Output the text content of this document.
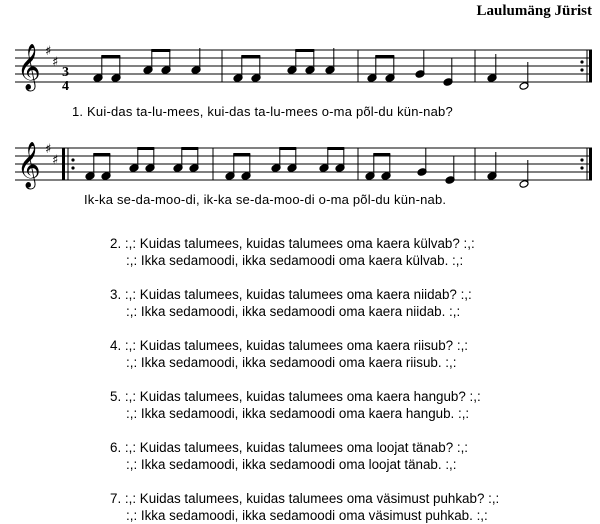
Laulumäng Jürist
𝄞 ♯
♯
𝄞 ♯
♯
3
4
1. Kui-das ta-lu-mees, kui-das ta-lu-mees o-ma põl-du kün-nab?
Ik-ka se-da-moo-di, ik-ka se-da-moo-di o-ma põl-du kün-nab.
2. :,: Kuidas talumees, kuidas talumees oma kaera külvab? :,:
:,: Ikka sedamoodi, ikka sedamoodi oma kaera külvab. :,:
3. :,: Kuidas talumees, kuidas talumees oma kaera niidab? :,:
:,: Ikka sedamoodi, ikka sedamoodi oma kaera niidab. :,:
4. :,: Kuidas talumees, kuidas talumees oma kaera riisub? :,:
:,: Ikka sedamoodi, ikka sedamoodi oma kaera riisub. :,:
5. :,: Kuidas talumees, kuidas talumees oma kaera hangub? :,:
:,: Ikka sedamoodi, ikka sedamoodi oma kaera hangub. :,:
6. :,: Kuidas talumees, kuidas talumees oma loojat tänab? :,:
:,: Ikka sedamoodi, ikka sedamoodi oma loojat tänab. :,:
7. :,: Kuidas talumees, kuidas talumees oma väsimust puhkab? :,:
:,: Ikka sedamoodi, ikka sedamoodi oma väsimust puhkab. :,:
